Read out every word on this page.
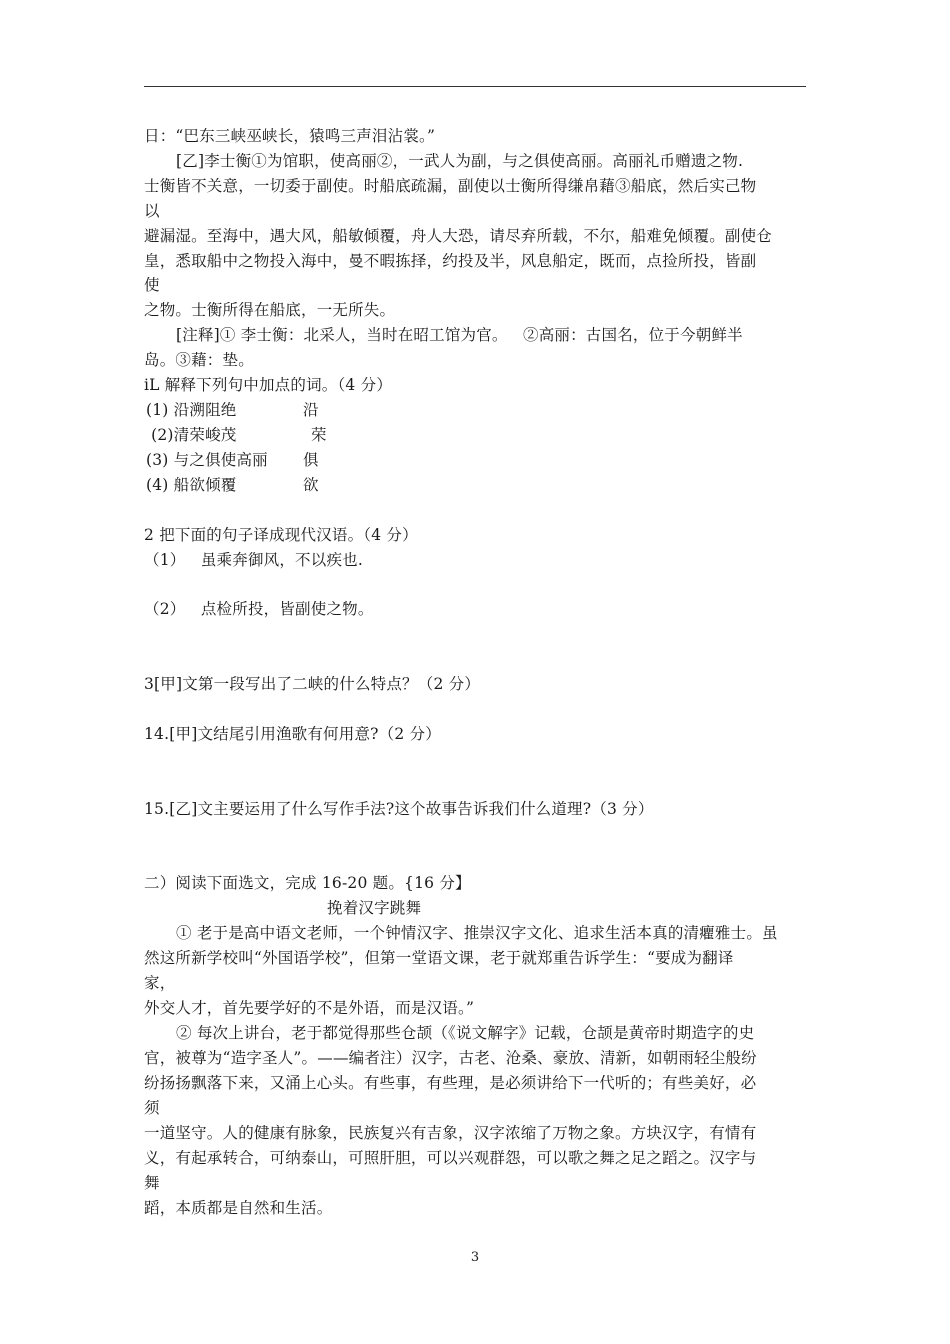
日：“巴东三峡巫峡长，猿鸣三声泪沾裳。”
[乙]李士衡①为馆职，使高丽②，一武人为副，与之俱使高丽。高丽礼币赠遗之物.
士衡皆不关意，一切委于副使。时船底疏漏，副使以士衡所得缣帛藉③船底，然后实己物
以
避漏湿。至海中，遇大风，船敏倾覆，舟人大恐，请尽弃所载，不尔，船难免倾覆。副使仓
皇，悉取船中之物投入海中，曼不暇拣择，约投及半，风息船定，既而，点捡所投，皆副
使
之物。士衡所得在船底，一无所失。
[注释]① 李士衡：北采人，当时在昭工馆为官。   ②高丽：古国名，位于今朝鲜半
岛。③藉：垫。
iL 解释下列句中加点的词。（4 分）
(1) 沿溯阻绝	沿
(2)清荣峻茂	荣
(3) 与之俱使高丽 俱
(4) 船欲倾覆	欲
2 把下面的句子译成现代汉语。（4 分）
（1）   虽乘奔御风，不以疾也.
（2）   点检所投，皆副使之物。
3[甲]文第一段写出了二峡的什么特点？（2 分）
14.[甲]文结尾引用渔歌有何用意?（2 分）
15.[乙]文主要运用了什么写作手法?这个故事告诉我们什么道理?（3 分）
二）阅读下面选文，完成 16-20 题。{16 分】
挽着汉字跳舞
① 老于是高中语文老师，一个钟情汉字、推崇汉字文化、追求生活本真的清癯雅士。虽
然这所新学校叫“外国语学校”，但第一堂语文课，老于就郑重告诉学生：“要成为翻译
家，
外交人才，首先要学好的不是外语，而是汉语。”
② 每次上讲台，老于都觉得那些仓颉（《说文解字》记载，仓颉是黄帝时期造字的史
官，被尊为“造字圣人”。——编者注）汉字，古老、沧桑、豪放、清新，如朝雨轻尘般纷
纷扬扬飘落下来，又涌上心头。有些事，有些理，是必须讲给下一代听的；有些美好，必
须
一道坚守。人的健康有脉象，民族复兴有吉象，汉字浓缩了万物之象。方块汉字，有情有
义，有起承转合，可纳泰山，可照肝胆，可以兴观群怨，可以歌之舞之足之蹈之。汉字与
舞
蹈，本质都是自然和生活。
3
